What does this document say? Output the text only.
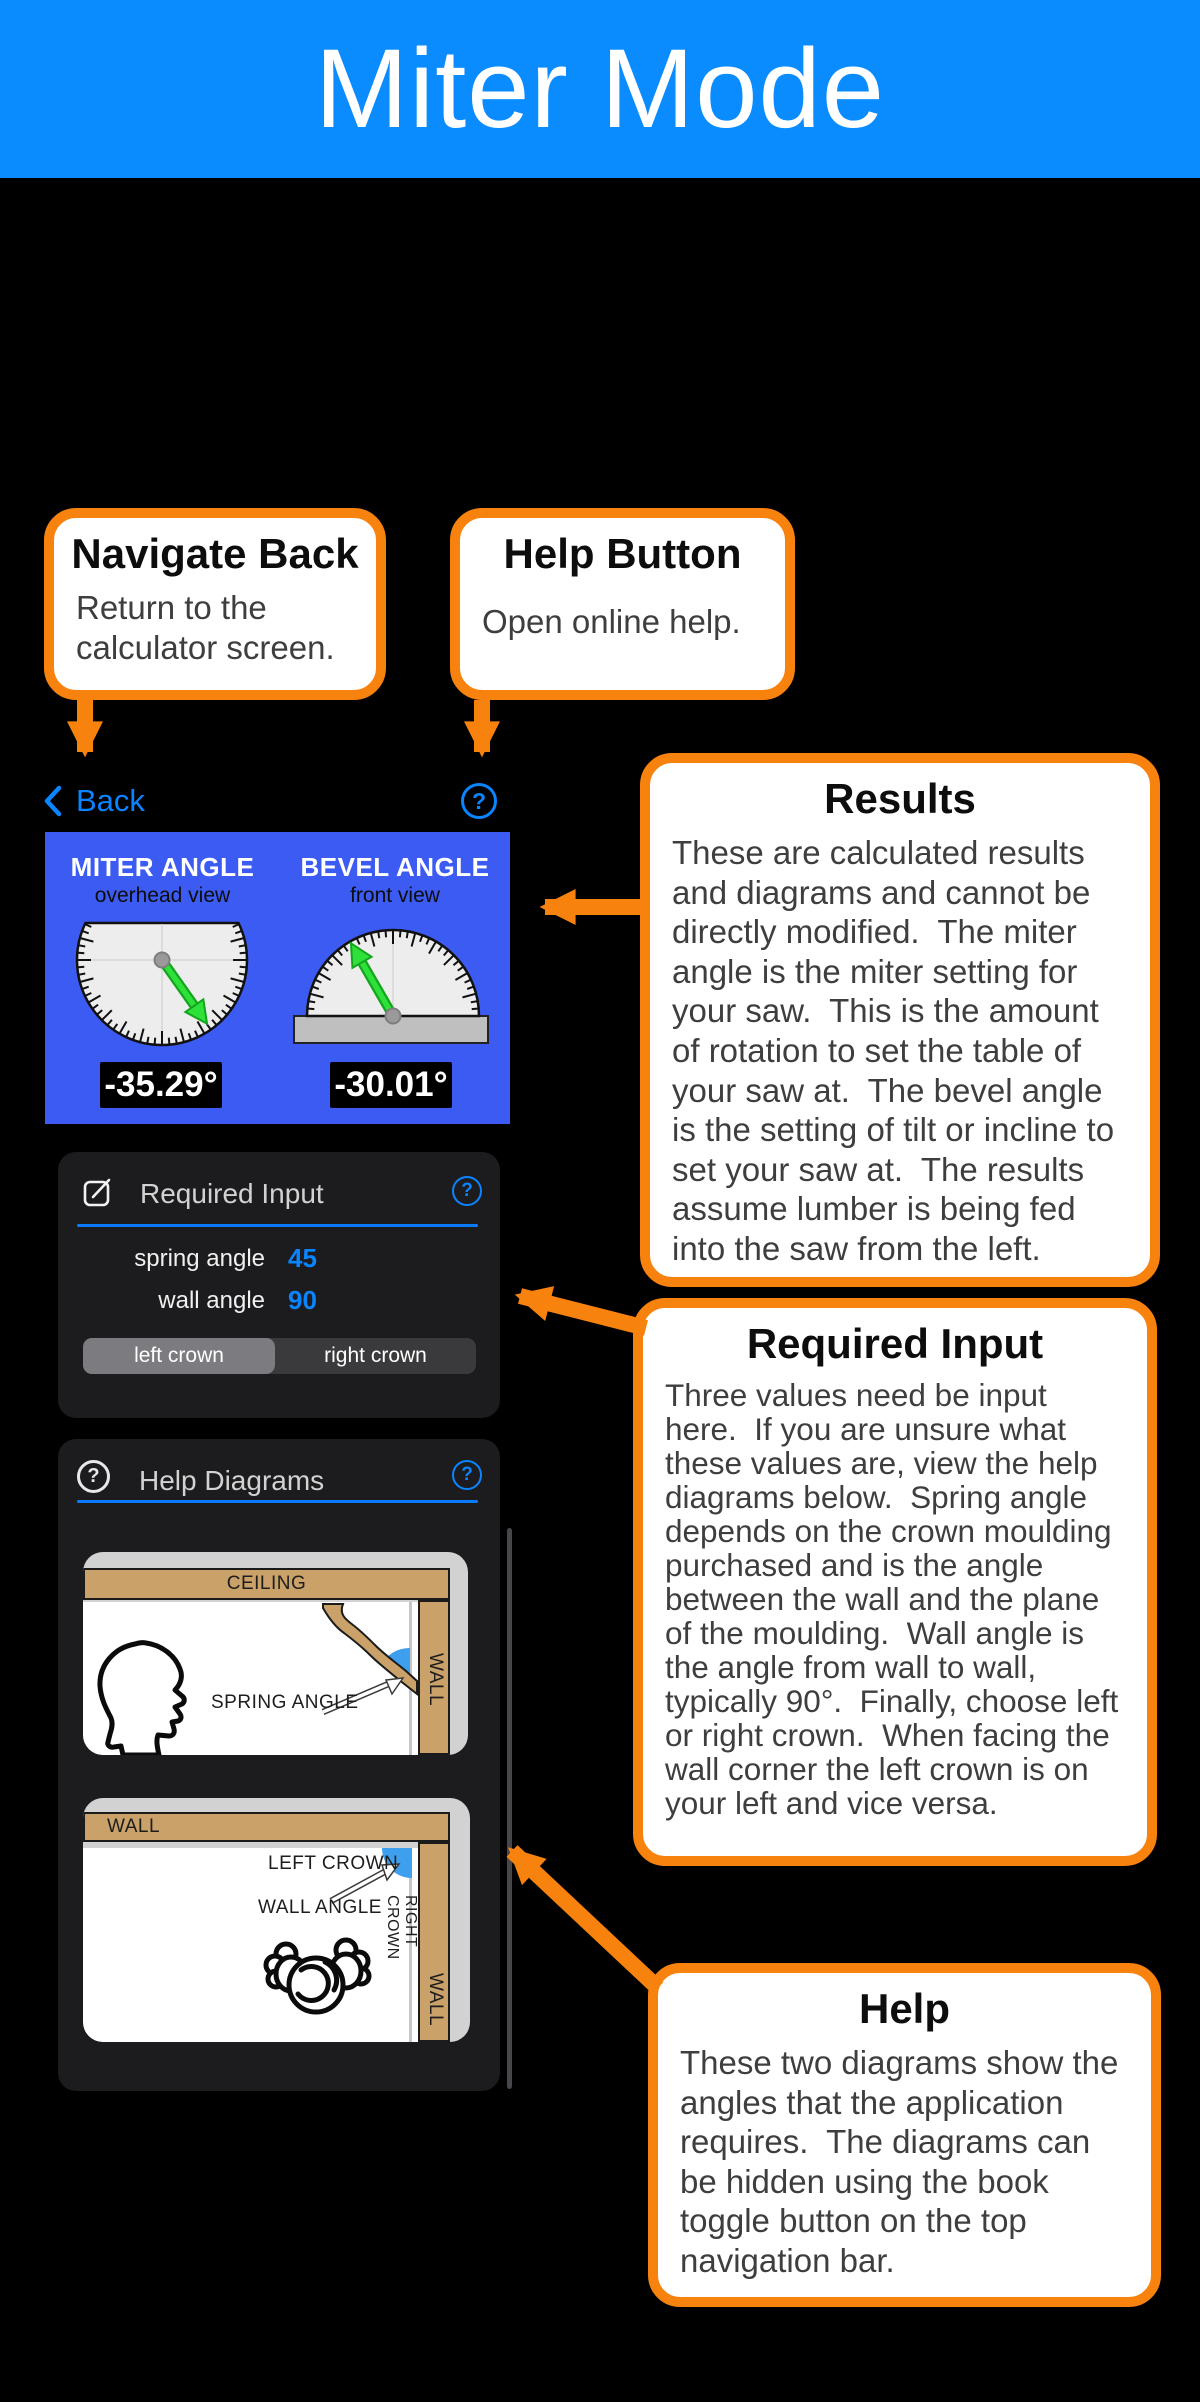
Miter Mode
Navigate Back
Return to the calculator screen.
Help Button
Open online help.
Results
These are calculated results and diagrams and cannot be directly modified.  The miter angle is the miter setting for your saw.  This is the amount of rotation to set the table of your saw at.  The bevel angle is the setting of tilt or incline to set your saw at.  The results assume lumber is being fed into the saw from the left.
Required Input
Three values need be input here.  If you are unsure what these values are, view the help diagrams below.  Spring angle depends on the crown moulding purchased and is the angle between the wall and the plane of the moulding.  Wall angle is the angle from wall to wall, typically 90°.  Finally, choose left or right crown.  When facing the wall corner the left crown is on your left and vice versa.
Help
These two diagrams show the angles that the application requires.  The diagrams can be hidden using the book toggle button on the top navigation bar.
Back	?
MITER ANGLE
overhead view
BEVEL ANGLE
front view
-35.29°	-30.01°
Required Input	?
spring angle 45
wall angle 90
left crown	right crown
?	Help Diagrams	?
CEILING
WALL
SPRING ANGLE
WALL
WALL
LEFT CROWN
WALL ANGLE	RIGHT CROWN
